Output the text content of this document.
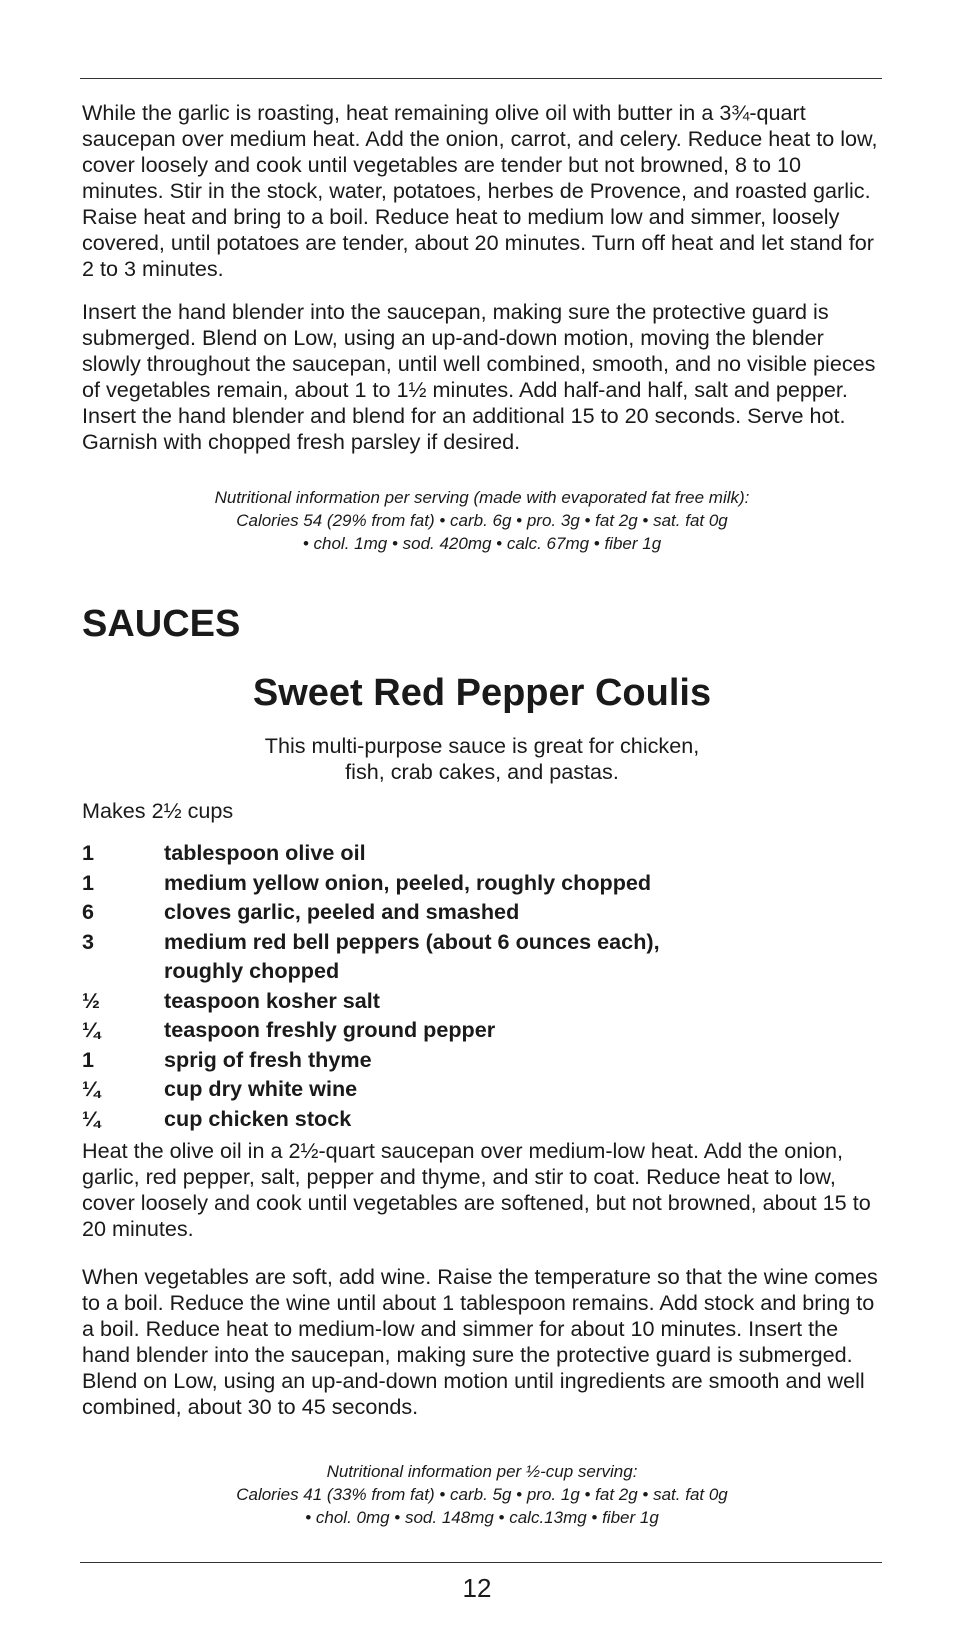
While the garlic is roasting, heat remaining olive oil with butter in a 3¾-quart saucepan over medium heat. Add the onion, carrot, and celery. Reduce heat to low, cover loosely and cook until vegetables are tender but not browned, 8 to 10 minutes. Stir in the stock, water, potatoes, herbes de Provence, and roasted garlic. Raise heat and bring to a boil. Reduce heat to medium low and simmer, loosely covered, until potatoes are tender, about 20 minutes. Turn off heat and let stand for 2 to 3 minutes.

Insert the hand blender into the saucepan, making sure the protective guard is submerged. Blend on Low, using an up-and-down motion, moving the blender slowly throughout the saucepan, until well combined, smooth, and no visible pieces of vegetables remain, about 1 to 1½ minutes. Add half-and half, salt and pepper. Insert the hand blender and blend for an additional 15 to 20 seconds. Serve hot. Garnish with chopped fresh parsley if desired.

Nutritional information per serving (made with evaporated fat free milk):
Calories 54 (29% from fat) • carb. 6g • pro. 3g • fat 2g • sat. fat 0g
• chol. 1mg • sod. 420mg • calc. 67mg • fiber 1g
SAUCES
Sweet Red Pepper Coulis
This multi-purpose sauce is great for chicken,
fish, crab cakes, and pastas.
Makes 2½ cups
1	tablespoon olive oil
1	medium yellow onion, peeled, roughly chopped
6	cloves garlic, peeled and smashed
3	medium red bell peppers (about 6 ounces each),
roughly chopped
½	teaspoon kosher salt
¼	teaspoon freshly ground pepper
1	sprig of fresh thyme
¼	cup dry white wine
¼	cup chicken stock

Heat the olive oil in a 2½-quart saucepan over medium-low heat. Add the onion, garlic, red pepper, salt, pepper and thyme, and stir to coat. Reduce heat to low, cover loosely and cook until vegetables are softened, but not browned, about 15 to 20 minutes.

When vegetables are soft, add wine. Raise the temperature so that the wine comes to a boil. Reduce the wine until about 1 tablespoon remains. Add stock and bring to a boil. Reduce heat to medium-low and simmer for about 10 minutes. Insert the hand blender into the saucepan, making sure the protective guard is submerged. Blend on Low, using an up-and-down motion until ingredients are smooth and well combined, about 30 to 45 seconds.

Nutritional information per ½-cup serving:
Calories 41 (33% from fat) • carb. 5g • pro. 1g • fat 2g • sat. fat 0g
• chol. 0mg • sod. 148mg • calc.13mg • fiber 1g
12
